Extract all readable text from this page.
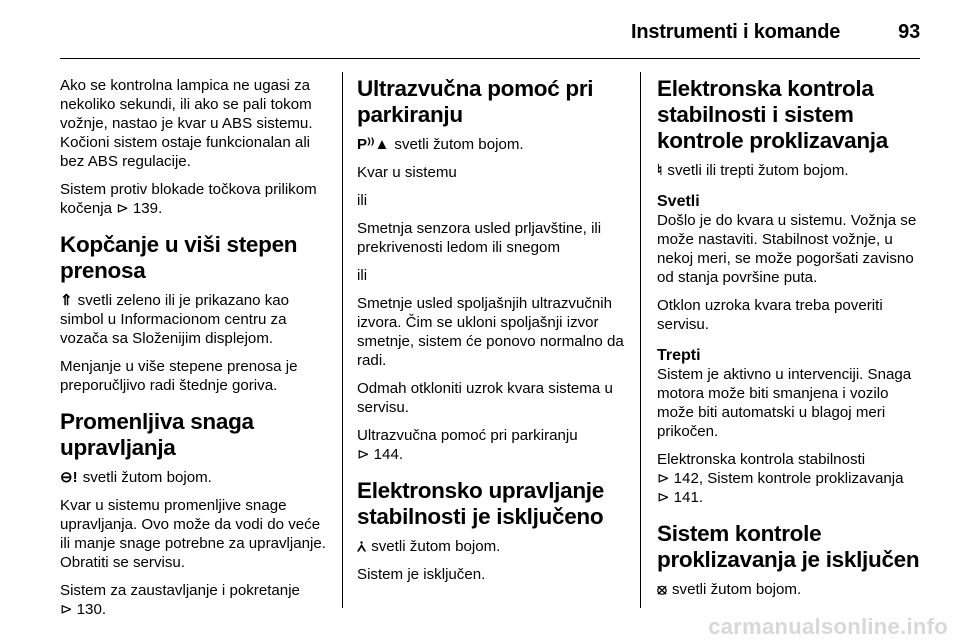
Instrumenti i komande	93

Ako se kontrolna lampica ne ugasi za nekoliko sekundi, ili ako se pali tokom vožnje, nastao je kvar u ABS sistemu. Kočioni sistem ostaje funkcionalan ali bez ABS regulacije.

Sistem protiv blokade točkova prilikom kočenja ⊳ 139.

Kopčanje u viši stepen prenosa

⇑ svetli zeleno ili je prikazano kao simbol u Informacionom centru za vozača sa Složenijim displejom.

Menjanje u više stepene prenosa je preporučljivo radi štednje goriva.

Promenljiva snaga upravljanja

⊖! svetli žutom bojom.

Kvar u sistemu promenljive snage upravljanja. Ovo može da vodi do veće ili manje snage potrebne za upravljanje. Obratiti se servisu.

Sistem za zaustavljanje i pokretanje
⊳ 130.

Ultrazvučna pomoć pri parkiranju

P⁾⁾▲ svetli žutom bojom.

Kvar u sistemu

ili

Smetnja senzora usled prljavštine, ili prekrivenosti ledom ili snegom

ili

Smetnje usled spoljašnjih ultrazvučnih izvora. Čim se ukloni spoljašnji izvor smetnje, sistem će ponovo normalno da radi.

Odmah otkloniti uzrok kvara sistema u servisu.

Ultrazvučna pomoć pri parkiranju
⊳ 144.

Elektronsko upravljanje stabilnosti je isključeno

⩑ svetli žutom bojom.

Sistem je isključen.

Elektronska kontrola stabilnosti i sistem kontrole proklizavanja

♮ svetli ili trepti žutom bojom.

Svetli

Došlo je do kvara u sistemu. Vožnja se može nastaviti. Stabilnost vožnje, u nekoj meri, se može pogoršati zavisno od stanja površine puta.

Otklon uzroka kvara treba poveriti servisu.

Trepti

Sistem je aktivno u intervenciji. Snaga motora može biti smanjena i vozilo može biti automatski u blagoj meri prikočen.

Elektronska kontrola stabilnosti
⊳ 142, Sistem kontrole proklizavanja
⊳ 141.

Sistem kontrole proklizavanja je isključen

⦻ svetli žutom bojom.

carmanualsonline.info
